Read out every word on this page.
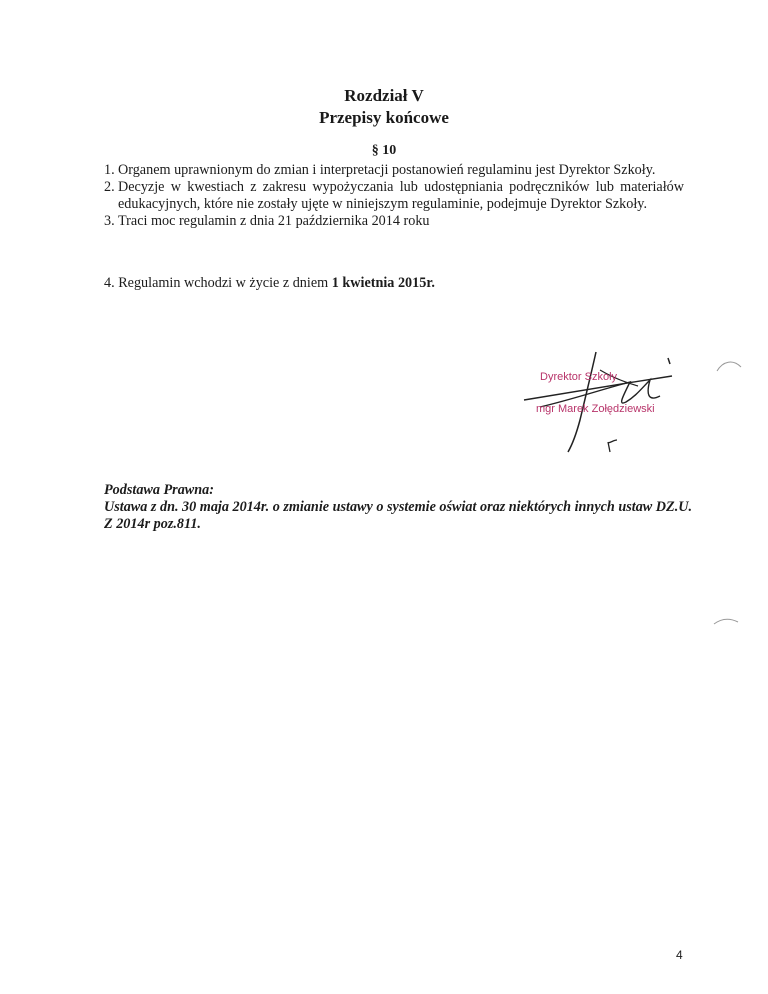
Rozdział V
Przepisy końcowe
§ 10
1. Organem uprawnionym do zmian i interpretacji postanowień regulaminu jest Dyrektor Szkoły.
2. Decyzje w kwestiach z zakresu wypożyczania lub udostępniania podręczników lub materiałów edukacyjnych, które nie zostały ujęte w niniejszym regulaminie, podejmuje Dyrektor Szkoły.
3. Traci moc regulamin z dnia 21 października 2014 roku
4. Regulamin wchodzi w życie z dniem 1 kwietnia 2015r.
Dyrektor Szkoły
mgr Marek Zołędziewski
Podstawa Prawna:
Ustawa z dn. 30 maja 2014r. o zmianie ustawy o systemie oświat oraz niektórych innych ustaw DZ.U. Z 2014r poz.811.
4
